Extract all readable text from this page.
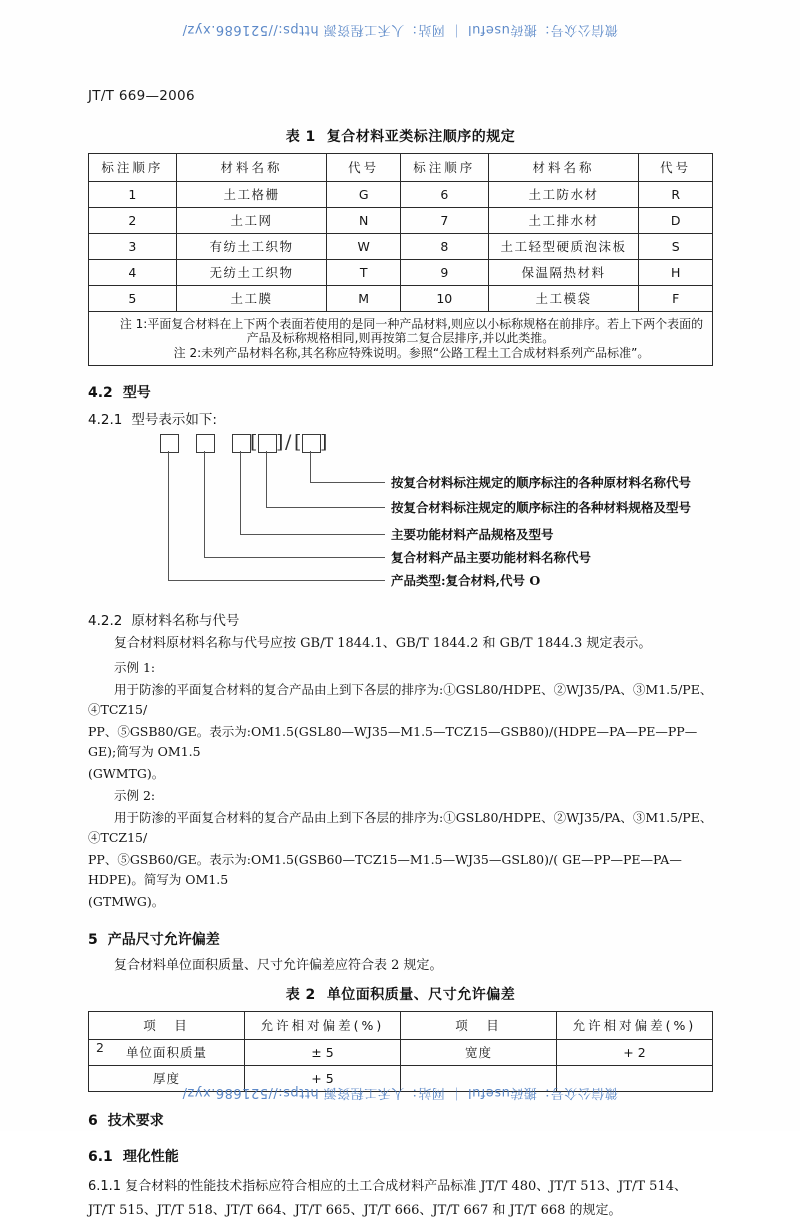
微信公众号：搬砖useful ｜ 网站：人禾工程资源 https://521686.xyz/
JT/T 669—2006
表 1 复合材料亚类标注顺序的规定
标注顺序	材料名称	代号	标注顺序	材料名称	代号
1	土工格栅	G	6	土工防水材	R
2	土工网	N	7	土工排水材	D
3	有纺土工织物	W	8	土工轻型硬质泡沫板	S
4	无纺土工织物	T	9	保温隔热材料	H
5	土工膜	M	10	土工模袋	F

注 1:平面复合材料在上下两个表面若使用的是同一种产品材料,则应以小标称规格在前排序。若上下两个表面的

产品及标称规格相同,则再按第二复合层排序,并以此类推。

注 2:未列产品材料名称,其名称应特殊说明。参照“公路工程土工合成材料系列产品标准”。					

4.2 型号
4.2.1 型号表示如下:
[ ] / [ ]
按复合材料标注规定的顺序标注的各种原材料名称代号
按复合材料标注规定的顺序标注的各种材料规格及型号
主要功能材料产品规格及型号
复合材料产品主要功能材料名称代号
产品类型:复合材料,代号 O
4.2.2 原材料名称与代号

复合材料原材料名称与代号应按 GB/T 1844.1、GB/T 1844.2 和 GB/T 1844.3 规定表示。

示例 1:

用于防渗的平面复合材料的复合产品由上到下各层的排序为:①GSL80/HDPE、②WJ35/PA、③M1.5/PE、④TCZ15/

PP、⑤GSB80/GE。表示为:OM1.5(GSL80—WJ35—M1.5—TCZ15—GSB80)/(HDPE—PA—PE—PP—GE);简写为 OM1.5

(GWMTG)。

示例 2:

用于防渗的平面复合材料的复合产品由上到下各层的排序为:①GSL80/HDPE、②WJ35/PA、③M1.5/PE、④TCZ15/

PP、⑤GSB60/GE。表示为:OM1.5(GSB60—TCZ15—M1.5—WJ35—GSL80)/( GE—PP—PE—PA—HDPE)。简写为 OM1.5

(GTMWG)。

5 产品尺寸允许偏差

复合材料单位面积质量、尺寸允许偏差应符合表 2 规定。

表 2 单位面积质量、尺寸允许偏差
项　目	允许相对偏差(%)	项　目	允许相对偏差(%)
单位面积质量	± 5	宽度	+ 2
厚度	+ 5		
6 技术要求
6.1 理化性能

6.1.1 复合材料的性能技术指标应符合相应的土工合成材料产品标准 JT/T 480、JT/T 513、JT/T 514、

JT/T 515、JT/T 518、JT/T 664、JT/T 665、JT/T 666、JT/T 667 和 JT/T 668 的规定。

2
微信公众号：搬砖useful ｜ 网站：人禾工程资源 https://521686.xyz/
